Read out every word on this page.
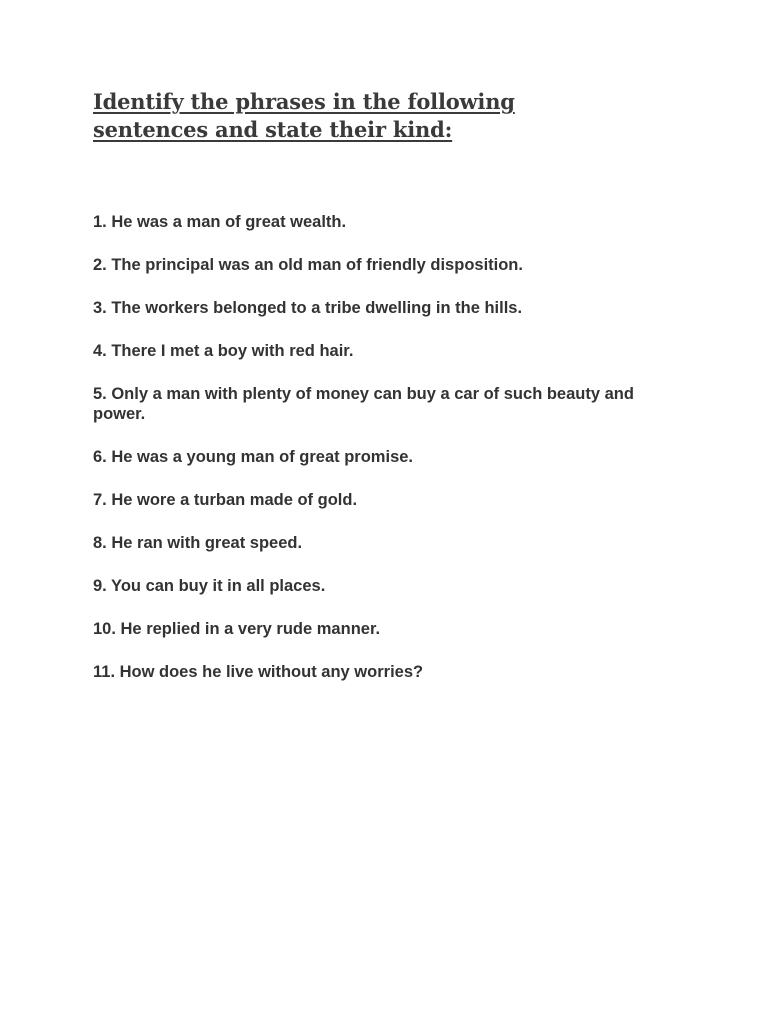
Identify the phrases in the following
sentences and state their kind:
1. He was a man of great wealth.
2. The principal was an old man of friendly disposition.
3. The workers belonged to a tribe dwelling in the hills.
4. There I met a boy with red hair.
5. Only a man with plenty of money can buy a car of such beauty and power.
6. He was a young man of great promise.
7. He wore a turban made of gold.
8. He ran with great speed.
9. You can buy it in all places.
10. He replied in a very rude manner.
11. How does he live without any worries?
